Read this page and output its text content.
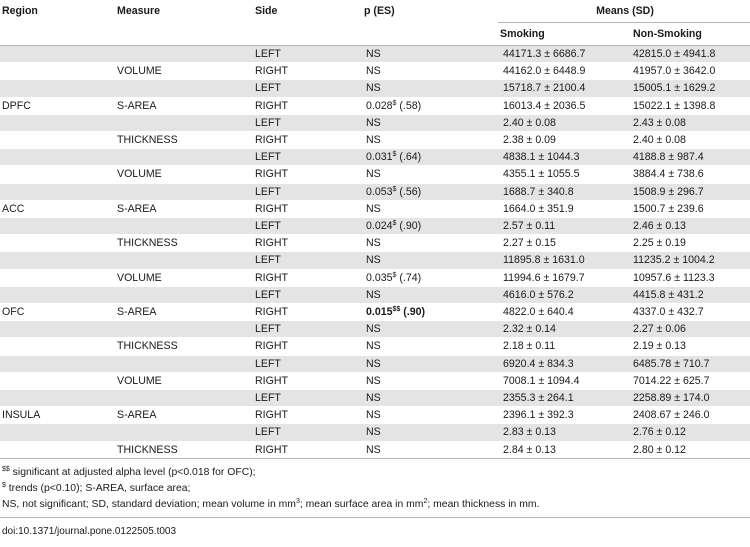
Region	Measure	Side	p (ES)	Means (SD)	
				Smoking	Non-Smoking
		LEFT	NS	44171.3 ± 6686.7	42815.0 ± 4941.8
	VOLUME	RIGHT	NS	44162.0 ± 6448.9	41957.0 ± 3642.0
		LEFT	NS	15718.7 ± 2100.4	15005.1 ± 1629.2
DPFC	S-AREA	RIGHT	0.028$ (.58)	16013.4 ± 2036.5	15022.1 ± 1398.8
		LEFT	NS	2.40 ± 0.08	2.43 ± 0.08
	THICKNESS	RIGHT	NS	2.38 ± 0.09	2.40 ± 0.08
		LEFT	0.031$ (.64)	4838.1 ± 1044.3	4188.8 ± 987.4
	VOLUME	RIGHT	NS	4355.1 ± 1055.5	3884.4 ± 738.6
		LEFT	0.053$ (.56)	1688.7 ± 340.8	1508.9 ± 296.7
ACC	S-AREA	RIGHT	NS	1664.0 ± 351.9	1500.7 ± 239.6
		LEFT	0.024$ (.90)	2.57 ± 0.11	2.46 ± 0.13
	THICKNESS	RIGHT	NS	2.27 ± 0.15	2.25 ± 0.19
		LEFT	NS	11895.8 ± 1631.0	11235.2 ± 1004.2
	VOLUME	RIGHT	0.035$ (.74)	11994.6 ± 1679.7	10957.6 ± 1123.3
		LEFT	NS	4616.0 ± 576.2	4415.8 ± 431.2
OFC	S-AREA	RIGHT	0.015$$ (.90)	4822.0 ± 640.4	4337.0 ± 432.7
		LEFT	NS	2.32 ± 0.14	2.27 ± 0.06
	THICKNESS	RIGHT	NS	2.18 ± 0.11	2.19 ± 0.13
		LEFT	NS	6920.4 ± 834.3	6485.78 ± 710.7
	VOLUME	RIGHT	NS	7008.1 ± 1094.4	7014.22 ± 625.7
		LEFT	NS	2355.3 ± 264.1	2258.89 ± 174.0
INSULA	S-AREA	RIGHT	NS	2396.1 ± 392.3	2408.67 ± 246.0
		LEFT	NS	2.83 ± 0.13	2.76 ± 0.12
	THICKNESS	RIGHT	NS	2.84 ± 0.13	2.80 ± 0.12
$$ significant at adjusted alpha level (p<0.018 for OFC);
$ trends (p<0.10); S-AREA, surface area;
NS, not significant; SD, standard deviation; mean volume in $mm^3$; mean surface area in $mm^2$; mean thickness in mm.
doi:10.1371/journal.pone.0122505.t003
